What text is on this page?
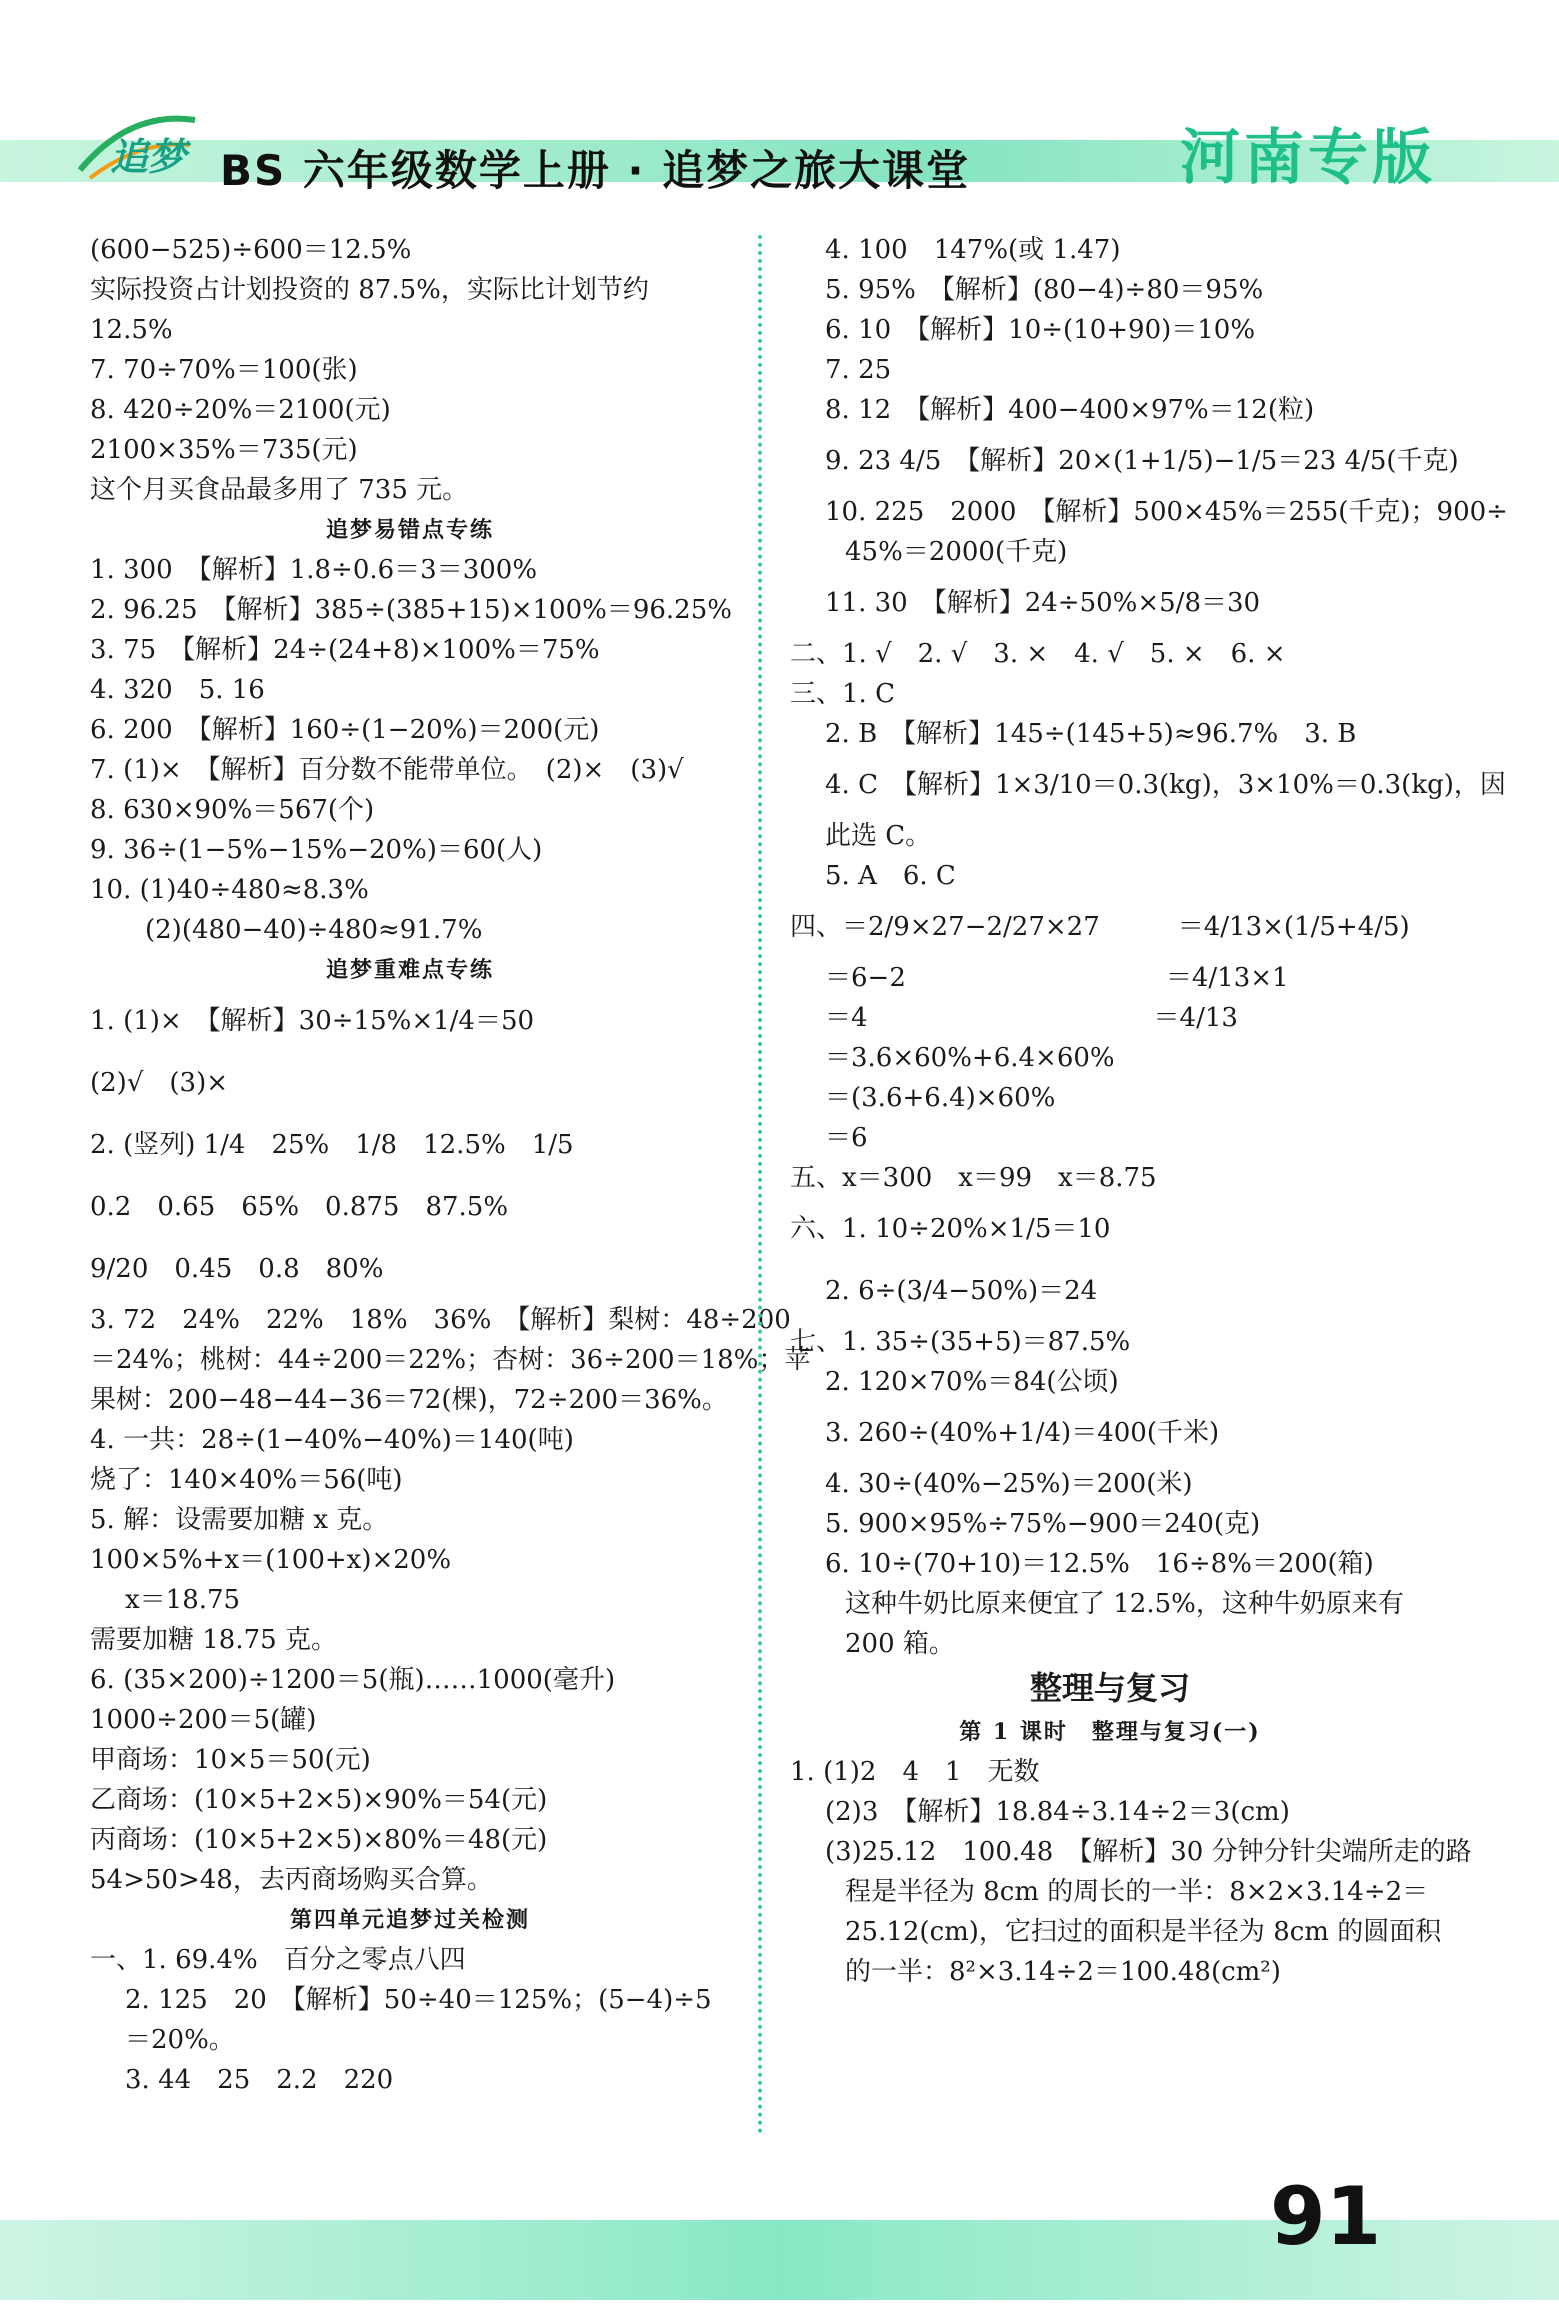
追梦 BS 六年级数学上册 · 追梦之旅大课堂	河南专版
(600−525)÷600＝12.5%
实际投资占计划投资的 87.5%，实际比计划节约
12.5%
7. 70÷70%＝100(张)
8. 420÷20%＝2100(元)
2100×35%＝735(元)
这个月买食品最多用了 735 元。
追梦易错点专练
1. 300　【解析】1.8÷0.6＝3＝300%
2. 96.25　【解析】385÷(385+15)×100%＝96.25%
3. 75　【解析】24÷(24+8)×100%＝75%
4. 320　5. 16
6. 200　【解析】160÷(1−20%)＝200(元)
7. (1)×　【解析】百分数不能带单位。　(2)×　(3)√
8. 630×90%＝567(个)
9. 36÷(1−5%−15%−20%)＝60(人)
10. (1)40÷480≈8.3%
(2)(480−40)÷480≈91.7%
追梦重难点专练
1. (1)×　【解析】30÷15%×1/4＝50
(2)√　(3)×
2. (竖列) 1/4　25%　1/8　12.5%　1/5
0.2　0.65　65%　0.875　87.5%
9/20　0.45　0.8　80%
3. 72　24%　22%　18%　36%　【解析】梨树：48÷200
＝24%；桃树：44÷200＝22%；杏树：36÷200＝18%；苹
果树：200−48−44−36＝72(棵)，72÷200＝36%。
4. 一共：28÷(1−40%−40%)＝140(吨)
烧了：140×40%＝56(吨)
5. 解：设需要加糖 x 克。
100×5%+x＝(100+x)×20%
x＝18.75
需要加糖 18.75 克。
6. (35×200)÷1200＝5(瓶)……1000(毫升)
1000÷200＝5(罐)
甲商场：10×5＝50(元)
乙商场：(10×5+2×5)×90%＝54(元)
丙商场：(10×5+2×5)×80%＝48(元)
54>50>48，去丙商场购买合算。
第四单元追梦过关检测
一、1. 69.4%　百分之零点八四
2. 125　20　【解析】50÷40＝125%；(5−4)÷5
＝20%。
3. 44　25　2.2　220
4. 100　147%(或 1.47)
5. 95%　【解析】(80−4)÷80＝95%
6. 10　【解析】10÷(10+90)＝10%
7. 25
8. 12　【解析】400−400×97%＝12(粒)
9. 23 4/5　【解析】20×(1+1/5)−1/5＝23 4/5(千克)
10. 225　2000　【解析】500×45%＝255(千克)；900÷
45%＝2000(千克)
11. 30　【解析】24÷50%×5/8＝30
二、1. √　2. √　3. ×　4. √　5. ×　6. ×
三、1. C
2. B　【解析】145÷(145+5)≈96.7%　3. B
4. C　【解析】1×3/10＝0.3(kg)，3×10%＝0.3(kg)，因
此选 C。
5. A　6. C
四、＝2/9×27−2/27×27　　　＝4/13×(1/5+4/5)
＝6−2　　　　　　　　　　＝4/13×1
＝4　　　　　　　　　　　＝4/13
＝3.6×60%+6.4×60%
＝(3.6+6.4)×60%
＝6
五、x＝300　x＝99　x＝8.75
六、1. 10÷20%×1/5＝10
2. 6÷(3/4−50%)＝24
七、1. 35÷(35+5)＝87.5%
2. 120×70%＝84(公顷)
3. 260÷(40%+1/4)＝400(千米)
4. 30÷(40%−25%)＝200(米)
5. 900×95%÷75%−900＝240(克)
6. 10÷(70+10)＝12.5%　16÷8%＝200(箱)
这种牛奶比原来便宜了 12.5%，这种牛奶原来有
200 箱。
整理与复习
第 1 课时　整理与复习(一)
1. (1)2　4　1　无数
(2)3　【解析】18.84÷3.14÷2＝3(cm)
(3)25.12　100.48　【解析】30 分钟分针尖端所走的路
程是半径为 8cm 的周长的一半：8×2×3.14÷2＝
25.12(cm)，它扫过的面积是半径为 8cm 的圆面积
的一半：8²×3.14÷2＝100.48(cm²)
91
